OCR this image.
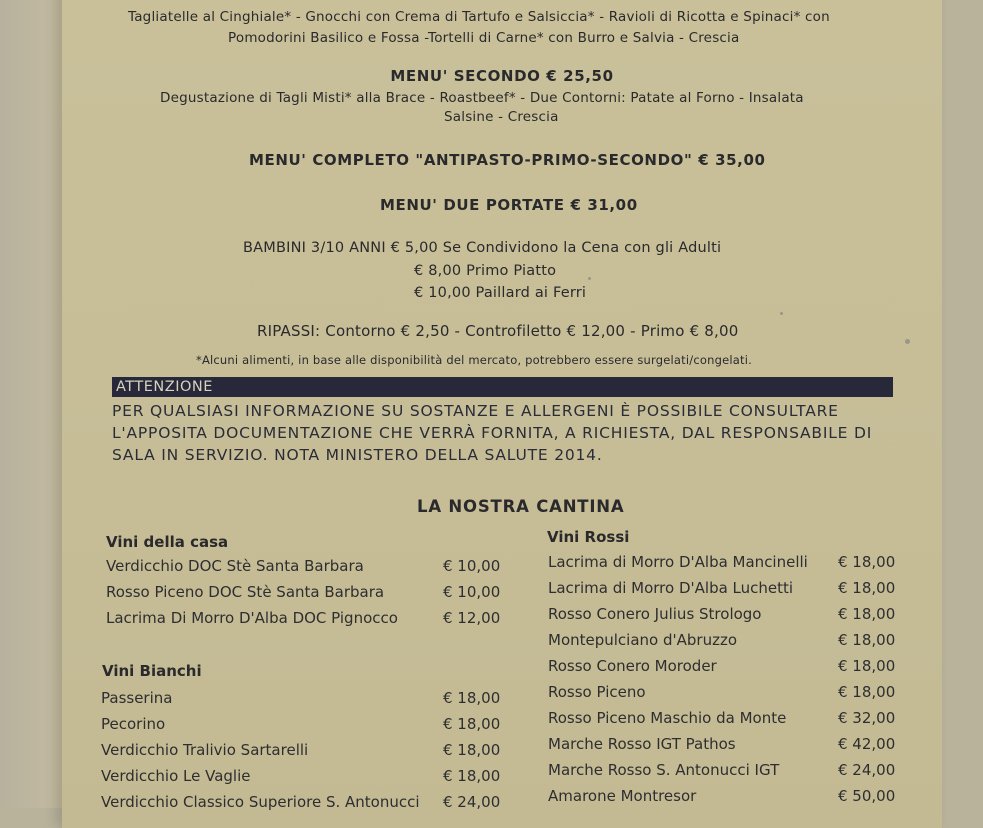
Tagliatelle al Cinghiale* - Gnocchi con Crema di Tartufo e Salsiccia* - Ravioli di Ricotta e Spinaci* con
Pomodorini Basilico e Fossa -Tortelli di Carne* con Burro e Salvia - Crescia
MENU' SECONDO € 25,50
Degustazione di Tagli Misti* alla Brace - Roastbeef* - Due Contorni: Patate al Forno - Insalata
Salsine - Crescia
MENU' COMPLETO "ANTIPASTO-PRIMO-SECONDO" € 35,00
MENU' DUE PORTATE € 31,00
BAMBINI 3/10 ANNI € 5,00 Se Condividono la Cena con gli Adulti
€ 8,00 Primo Piatto
€ 10,00 Paillard ai Ferri
RIPASSI: Contorno € 2,50 - Controfiletto € 12,00 - Primo € 8,00
*Alcuni alimenti, in base alle disponibilità del mercato, potrebbero essere surgelati/congelati.
ATTENZIONE
PER QUALSIASI INFORMAZIONE SU SOSTANZE E ALLERGENI È POSSIBILE CONSULTARE
L'APPOSITA DOCUMENTAZIONE CHE VERRÀ FORNITA, A RICHIESTA, DAL RESPONSABILE DI
SALA IN SERVIZIO. NOTA MINISTERO DELLA SALUTE 2014.
LA NOSTRA CANTINA
Vini della casa
Verdicchio DOC Stè Santa Barbara	€ 10,00
Rosso Piceno DOC Stè Santa Barbara	€ 10,00
Lacrima Di Morro D'Alba DOC Pignocco	€ 12,00
Vini Bianchi
Passerina	€ 18,00
Pecorino	€ 18,00
Verdicchio Tralivio Sartarelli	€ 18,00
Verdicchio Le Vaglie	€ 18,00
Verdicchio Classico Superiore S. Antonucci € 24,00
Vini Rossi
Lacrima di Morro D'Alba Mancinelli € 18,00
Lacrima di Morro D'Alba Luchetti	€ 18,00
Rosso Conero Julius Strologo	€ 18,00
Montepulciano d'Abruzzo	€ 18,00
Rosso Conero Moroder	€ 18,00
Rosso Piceno	€ 18,00
Rosso Piceno Maschio da Monte	€ 32,00
Marche Rosso IGT Pathos	€ 42,00
Marche Rosso S. Antonucci IGT	€ 24,00
Amarone Montresor	€ 50,00
